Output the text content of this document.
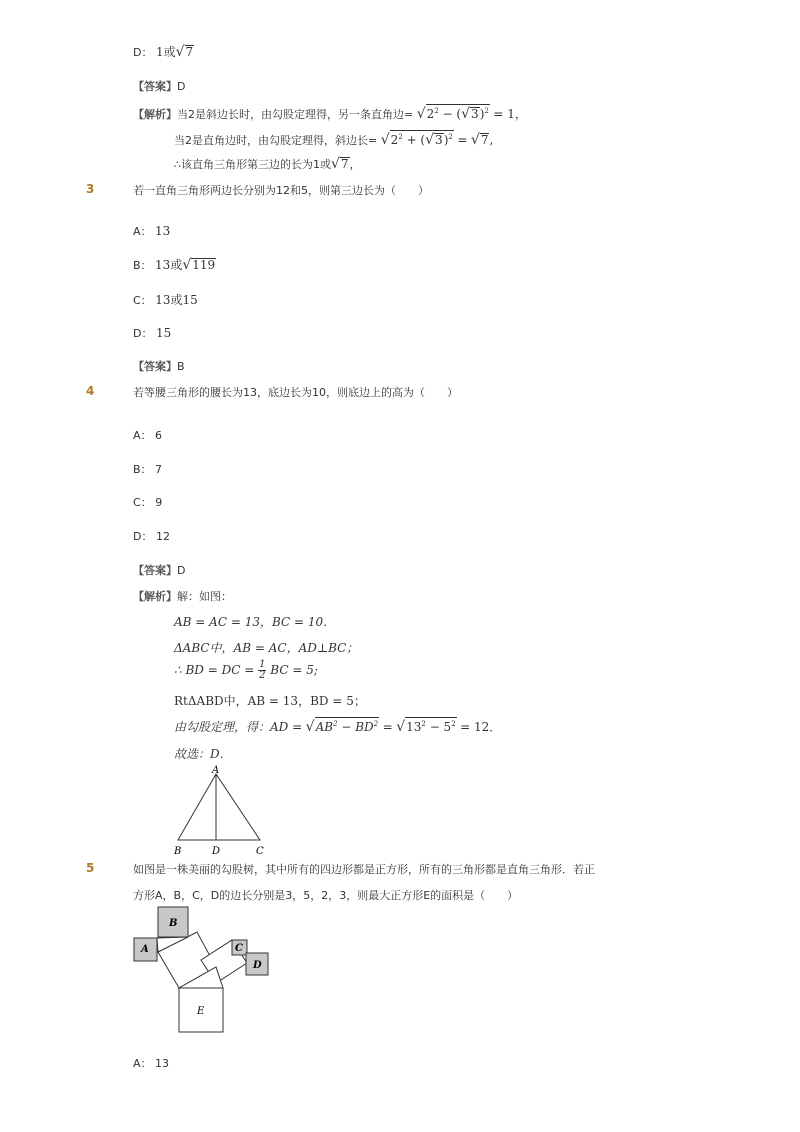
D： 1或√7
【答案】D
【解析】当2是斜边长时，由勾股定理得，另一条直角边= $√2^2 - (√3)^2 = 1$，
当2是直角边时，由勾股定理得，斜边长= $√2^2 + (√3)^2 = √7$,
∴该直角三角形第三边的长为1或√7，
3	若一直角三角形两边长分别为12和5，则第三边长为（　　）
A： 13
B： 13或√119
C： 13或15
D： 15
【答案】B
4	若等腰三角形的腰长为13，底边长为10，则底边上的高为（　　）
A： 6
B： 7
C： 9
D： 12
【答案】D
【解析】解：如图：
AB = AC = 13，BC = 10．
ΔABC中，AB = AC，AD⊥BC；
∴ BD = DC = $\frac{1}{2}$ BC = 5;
RtΔABD中，AB = 13，BD = 5；
由勾股定理，得：AD = $√AB^2 - BD^2 = √13^2 - 5^2 = 12$．
故选：D．
A
B	D	C
5	如图是一株美丽的勾股树，其中所有的四边形都是正方形，所有的三角形都是直角三角形．若正
方形A，B，C，D的边长分别是3，5，2，3，则最大正方形E的面积是（　　）
A
B
C
D
E
A： 13
